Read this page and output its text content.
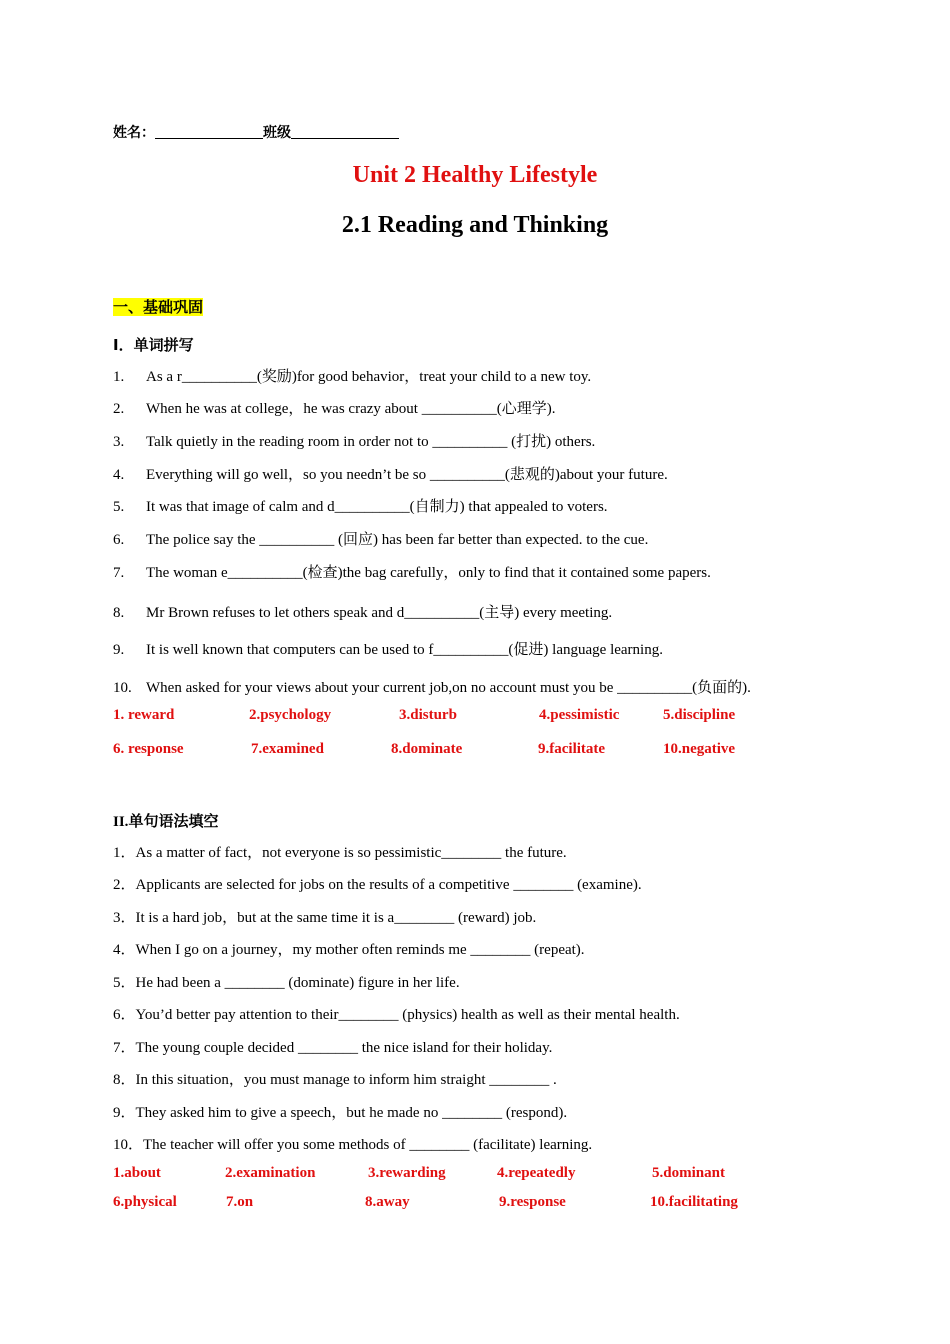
姓名：	班级
Unit 2 Healthy Lifestyle
2.1 Reading and Thinking
一、基础巩固
I．单词拼写
1. As a r__________(奖励)for good behavior，treat your child to a new toy.
2. When he was at college，he was crazy about __________(心理学).
3. Talk quietly in the reading room in order not to __________ (打扰) others.
4. Everything will go well，so you needn’t be so __________(悲观的)about your future.
5. It was that image of calm and d__________(自制力) that appealed to voters.
6. The police say the __________ (回应) has been far better than expected. to the cue.
7. The woman e__________(检查)the bag carefully，only to find that it contained some papers.
8. Mr Brown refuses to let others speak and d__________(主导) every meeting.
9. It is well known that computers can be used to f__________(促进) language learning.
10. When asked for your views about your current job,on no account must you be __________(负面的).
1. reward	2.psychology	3.disturb	4.pessimistic	5.discipline
6. response	7.examined	8.dominate	9.facilitate	10.negative
II.单句语法填空
1．As a matter of fact，not everyone is so pessimistic________ the future.
2．Applicants are selected for jobs on the results of a competitive ________ (examine).
3．It is a hard job，but at the same time it is a________ (reward) job.
4．When I go on a journey，my mother often reminds me ________ (repeat).
5．He had been a ________ (dominate) figure in her life.
6．You’d better pay attention to their________ (physics) health as well as their mental health.
7．The young couple decided ________ the nice island for their holiday.
8．In this situation，you must manage to inform him straight ________ .
9．They asked him to give a speech，but he made no ________ (respond).
10．The teacher will offer you some methods of ________ (facilitate) learning.
1.about	2.examination	3.rewarding	4.repeatedly	5.dominant
6.physical	7.on	8.away	9.response	10.facilitating
